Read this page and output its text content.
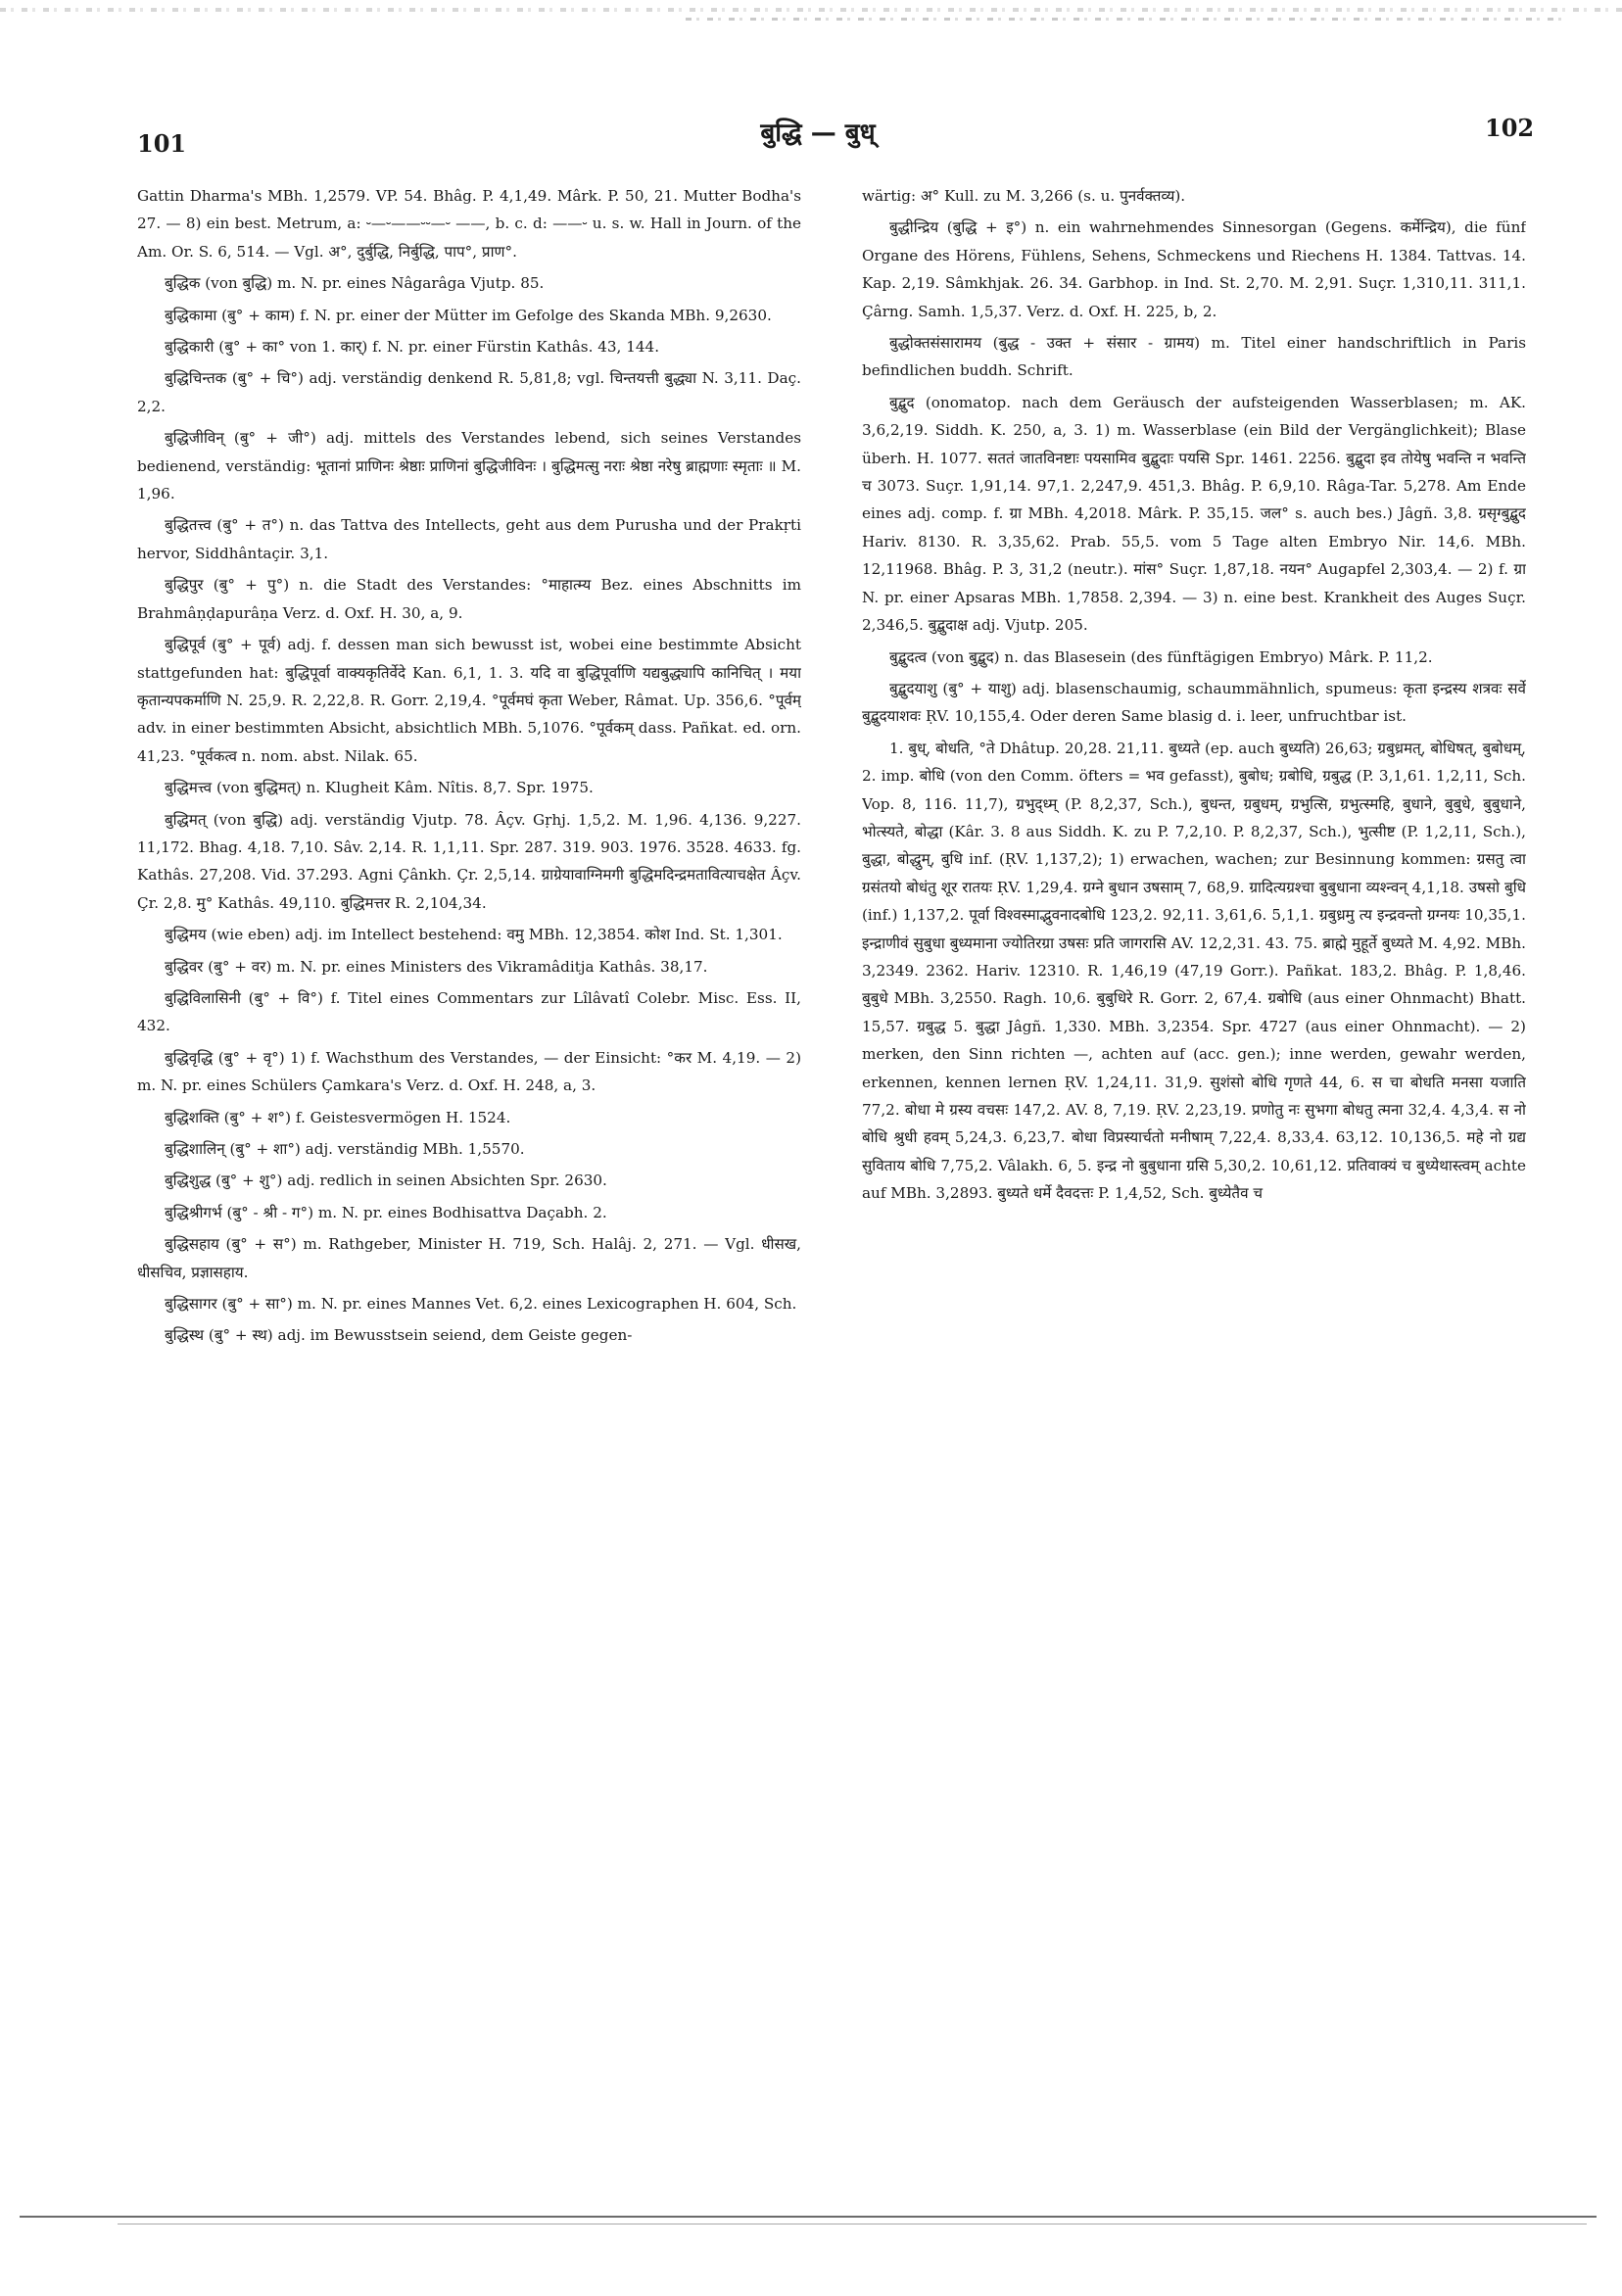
101	बुद्धि — बुध्	102

Gattin Dharma's MBh. 1,2579. VP. 54. Bhâg. P. 4,1,49. Mârk. P. 50, 21. Mutter Bodha's 27. — 8) ein best. Metrum, a: ⏑—⏑——⏑⏑—⏑ ——, b. c. d: ——⏑ u. s. w. Hall in Journ. of the Am. Or. S. 6, 514. — Vgl. अ°, दुर्बुद्धि, निर्बुद्धि, पाप°, प्राण°.

बुद्धिक (von बुद्धि) m. N. pr. eines Nâgarâga Vjutp. 85.

बुद्धिकामा (बु° + काम) f. N. pr. einer der Mütter im Gefolge des Skanda MBh. 9,2630.

बुद्धिकारी (बु° + का° von 1. कार्) f. N. pr. einer Fürstin Kathâs. 43, 144.

बुद्धिचिन्तक (बु° + चि°) adj. verständig denkend R. 5,81,8; vgl. चिन्तयत्ती बुद्ध्या N. 3,11. Daç. 2,2.

बुद्धिजीविन् (बु° + जी°) adj. mittels des Verstandes lebend, sich seines Verstandes bedienend, verständig: भूतानां प्राणिनः श्रेष्ठाः प्राणिनां बुद्धिजीविनः । बुद्धिमत्सु नराः श्रेष्ठा नरेषु ब्राह्मणाः स्मृताः ॥ M. 1,96.

बुद्धितत्त्व (बु° + त°) n. das Tattva des Intellects, geht aus dem Purusha und der Prakṛti hervor, Siddhântaçir. 3,1.

बुद्धिपुर (बु° + पु°) n. die Stadt des Verstandes: °माहात्म्य Bez. eines Abschnitts im Brahmâṇḍapurâṇa Verz. d. Oxf. H. 30, a, 9.

बुद्धिपूर्व (बु° + पूर्व) adj. f. dessen man sich bewusst ist, wobei eine bestimmte Absicht stattgefunden hat: बुद्धिपूर्वा वाक्यकृतिर्वेदे Kan. 6,1, 1. 3. यदि वा बुद्धिपूर्वाणि यद्यबुद्ध्यापि कानिचित् । मया कृतान्यपकर्माणि N. 25,9. R. 2,22,8. R. Gorr. 2,19,4. °पूर्वमघं कृता Weber, Râmat. Up. 356,6. °पूर्वम् adv. in einer bestimmten Absicht, absichtlich MBh. 5,1076. °पूर्वकम् dass. Pañkat. ed. orn. 41,23. °पूर्वकत्व n. nom. abst. Nilak. 65.

बुद्धिमत्त्व (von बुद्धिमत्) n. Klugheit Kâm. Nîtis. 8,7. Spr. 1975.

बुद्धिमत् (von बुद्धि) adj. verständig Vjutp. 78. Âçv. Gṛhj. 1,5,2. M. 1,96. 4,136. 9,227. 11,172. Bhag. 4,18. 7,10. Sâv. 2,14. R. 1,1,11. Spr. 287. 319. 903. 1976. 3528. 4633. fg. Kathâs. 27,208. Vid. 37.293. Agni Çânkh. Çr. 2,5,14. ग्राग्रेयावाग्निमगी बुद्धिमदिन्द्रमतावित्याचक्षेत Âçv. Çr. 2,8. मु° Kathâs. 49,110. बुद्धिमत्तर R. 2,104,34.

बुद्धिमय (wie eben) adj. im Intellect bestehend: वमु MBh. 12,3854. कोश Ind. St. 1,301.

बुद्धिवर (बु° + वर) m. N. pr. eines Ministers des Vikramâditja Kathâs. 38,17.

बुद्धिविलासिनी (बु° + वि°) f. Titel eines Commentars zur Lîlâvatî Colebr. Misc. Ess. II, 432.

बुद्धिवृद्धि (बु° + वृ°) 1) f. Wachsthum des Verstandes, — der Einsicht: °कर M. 4,19. — 2) m. N. pr. eines Schülers Çamkara's Verz. d. Oxf. H. 248, a, 3.

बुद्धिशक्ति (बु° + श°) f. Geistesvermögen H. 1524.

बुद्धिशालिन् (बु° + शा°) adj. verständig MBh. 1,5570.

बुद्धिशुद्ध (बु° + शु°) adj. redlich in seinen Absichten Spr. 2630.

बुद्धिश्रीगर्भ (बु° - श्री - ग°) m. N. pr. eines Bodhisattva Daçabh. 2.

बुद्धिसहाय (बु° + स°) m. Rathgeber, Minister H. 719, Sch. Halâj. 2, 271. — Vgl. धीसख, धीसचिव, प्रज्ञासहाय.

बुद्धिसागर (बु° + सा°) m. N. pr. eines Mannes Vet. 6,2. eines Lexicographen H. 604, Sch.

बुद्धिस्थ (बु° + स्थ) adj. im Bewusstsein seiend, dem Geiste gegen-

wärtig: अ° Kull. zu M. 3,266 (s. u. पुनर्वक्तव्य).

बुद्धीन्द्रिय (बुद्धि + इ°) n. ein wahrnehmendes Sinnesorgan (Gegens. कर्मेन्द्रिय), die fünf Organe des Hörens, Fühlens, Sehens, Schmeckens und Riechens H. 1384. Tattvas. 14. Kap. 2,19. Sâmkhjak. 26. 34. Garbhop. in Ind. St. 2,70. M. 2,91. Suçr. 1,310,11. 311,1. Çârng. Samh. 1,5,37. Verz. d. Oxf. H. 225, b, 2.

बुद्धोक्तसंसारामय (बुद्ध - उक्त + संसार - ग्रामय) m. Titel einer handschriftlich in Paris befindlichen buddh. Schrift.

बुद्बुद (onomatop. nach dem Geräusch der aufsteigenden Wasserblasen; m. AK. 3,6,2,19. Siddh. K. 250, a, 3. 1) m. Wasserblase (ein Bild der Vergänglichkeit); Blase überh. H. 1077. सततं जातविनष्टाः पयसामिव बुद्बुदाः पयसि Spr. 1461. 2256. बुद्बुदा इव तोयेषु भवन्ति न भवन्ति च 3073. Suçr. 1,91,14. 97,1. 2,247,9. 451,3. Bhâg. P. 6,9,10. Râga-Tar. 5,278. Am Ende eines adj. comp. f. ग्रा MBh. 4,2018. Mârk. P. 35,15. जल° s. auch bes.) Jâgñ. 3,8. ग्रसृग्बुद्बुद Hariv. 8130. R. 3,35,62. Prab. 55,5. vom 5 Tage alten Embryo Nir. 14,6. MBh. 12,11968. Bhâg. P. 3, 31,2 (neutr.). मांस° Suçr. 1,87,18. नयन° Augapfel 2,303,4. — 2) f. ग्रा N. pr. einer Apsaras MBh. 1,7858. 2,394. — 3) n. eine best. Krankheit des Auges Suçr. 2,346,5. बुद्बुदाक्ष adj. Vjutp. 205.

बुद्बुदत्व (von बुद्बुद) n. das Blasesein (des fünftägigen Embryo) Mârk. P. 11,2.

बुद्बुदयाशु (बु° + याशु) adj. blasenschaumig, schaummähnlich, spumeus: कृता इन्द्रस्य शत्रवः सर्वे बुद्बुदयाशवः ṚV. 10,155,4. Oder deren Same blasig d. i. leer, unfruchtbar ist.

1. बुध्, बोधति, °ते Dhâtup. 20,28. 21,11. बुध्यते (ep. auch बुध्यति) 26,63; ग्रबुध्रमत्, बोधिषत्, बुबोधम्, 2. imp. बोधि (von den Comm. öfters = भव gefasst), बुबोध; ग्रबोधि, ग्रबुद्ध (P. 3,1,61. 1,2,11, Sch. Vop. 8, 116. 11,7), ग्रभुद्ध्म् (P. 8,2,37, Sch.), बुधन्त, ग्रबुधम्, ग्रभुत्सि, ग्रभुत्स्महि, बुधाने, बुबुधे, बुबुधाने, भोत्स्यते, बोद्धा (Kâr. 3. 8 aus Siddh. K. zu P. 7,2,10. P. 8,2,37, Sch.), भुत्सीष्ट (P. 1,2,11, Sch.), बुद्धा, बोद्धुम्, बुधि inf. (ṚV. 1,137,2); 1) erwachen, wachen; zur Besinnung kommen: ग्रसतु त्वा ग्रसंतयो बोधंतु शूर रातयः ṚV. 1,29,4. ग्रग्ने बुधान उषसाम् 7, 68,9. ग्रादित्यग्रश्चा बुबुधाना व्यश्न्वन् 4,1,18. उषसो बुधि (inf.) 1,137,2. पूर्वा विश्वस्माद्भुवनादबोधि 123,2. 92,11. 3,61,6. 5,1,1. ग्रबुध्रमु त्य इन्द्रवन्तो ग्रग्नयः 10,35,1. इन्द्राणीवं सुबुधा बुध्यमाना ज्योतिरग्रा उषसः प्रति जागरासि AV. 12,2,31. 43. 75. ब्राह्मे मुहूर्ते बुध्यते M. 4,92. MBh. 3,2349. 2362. Hariv. 12310. R. 1,46,19 (47,19 Gorr.). Pañkat. 183,2. Bhâg. P. 1,8,46. बुबुधे MBh. 3,2550. Ragh. 10,6. बुबुधिरे R. Gorr. 2, 67,4. ग्रबोधि (aus einer Ohnmacht) Bhatt. 15,57. ग्रबुद्ध 5. बुद्धा Jâgñ. 1,330. MBh. 3,2354. Spr. 4727 (aus einer Ohnmacht). — 2) merken, den Sinn richten —, achten auf (acc. gen.); inne werden, gewahr werden, erkennen, kennen lernen ṚV. 1,24,11. 31,9. सुशंसो बोधि गृणते 44, 6. स चा बोधति मनसा यजाति 77,2. बोधा मे ग्रस्य वचसः 147,2. AV. 8, 7,19. ṚV. 2,23,19. प्रणोतु नः सुभगा बोधतु त्मना 32,4. 4,3,4. स नो बोधि श्रुधी हवम् 5,24,3. 6,23,7. बोधा विप्रस्यार्चतो मनीषाम् 7,22,4. 8,33,4. 63,12. 10,136,5. महे नो ग्रद्य सुविताय बोधि 7,75,2. Vâlakh. 6, 5. इन्द्र नो बुबुधाना ग्रसि 5,30,2. 10,61,12. प्रतिवाक्यं च बुध्येथास्त्वम् achte auf MBh. 3,2893. बुध्यते धर्मे दैवदत्तः P. 1,4,52, Sch. बुध्येतैव च
